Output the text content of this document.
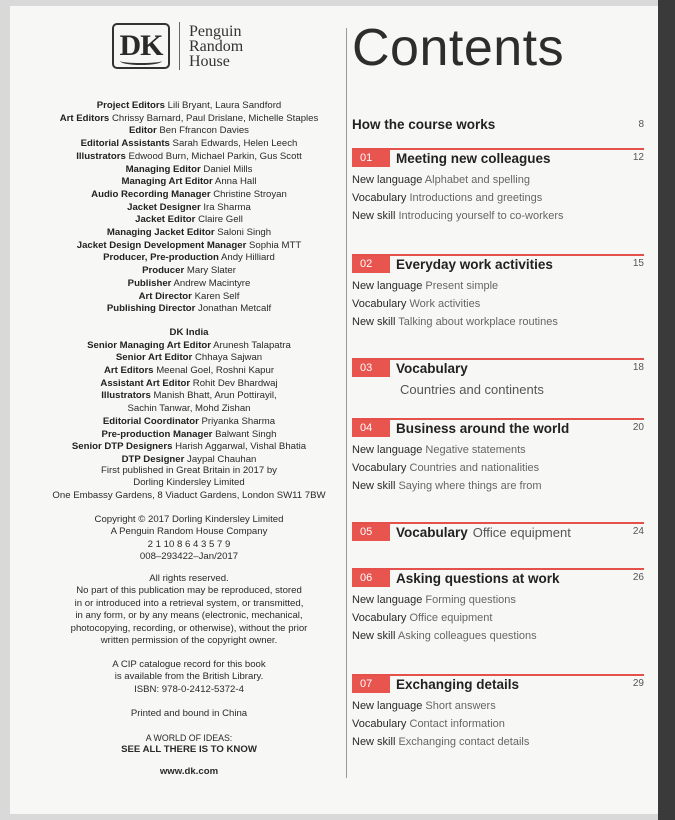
DK	Penguin
Random
House
Project Editors Lili Bryant, Laura Sandford
Art Editors Chrissy Barnard, Paul Drislane, Michelle Staples
Editor Ben Ffrancon Davies
Editorial Assistants Sarah Edwards, Helen Leech
Illustrators Edwood Burn, Michael Parkin, Gus Scott
Managing Editor Daniel Mills
Managing Art Editor Anna Hall
Audio Recording Manager Christine Stroyan
Jacket Designer Ira Sharma
Jacket Editor Claire Gell
Managing Jacket Editor Saloni Singh
Jacket Design Development Manager Sophia MTT
Producer, Pre-production Andy Hilliard
Producer Mary Slater
Publisher Andrew Macintyre
Art Director Karen Self
Publishing Director Jonathan Metcalf
DK India
Senior Managing Art Editor Arunesh Talapatra
Senior Art Editor Chhaya Sajwan
Art Editors Meenal Goel, Roshni Kapur
Assistant Art Editor Rohit Dev Bhardwaj
Illustrators Manish Bhatt, Arun Pottirayil,
Sachin Tanwar, Mohd Zishan
Editorial Coordinator Priyanka Sharma
Pre-production Manager Balwant Singh
Senior DTP Designers Harish Aggarwal, Vishal Bhatia
DTP Designer Jaypal Chauhan
First published in Great Britain in 2017 by
Dorling Kindersley Limited
One Embassy Gardens, 8 Viaduct Gardens, London SW11 7BW
Copyright © 2017 Dorling Kindersley Limited
A Penguin Random House Company
2 1 10 8 6 4 3 5 7 9
008–293422–Jan/2017
All rights reserved.
No part of this publication may be reproduced, stored
in or introduced into a retrieval system, or transmitted,
in any form, or by any means (electronic, mechanical,
photocopying, recording, or otherwise), without the prior
written permission of the copyright owner.
A CIP catalogue record for this book
is available from the British Library.
ISBN: 978-0-2412-5372-4
Printed and bound in China
A WORLD OF IDEAS:
SEE ALL THERE IS TO KNOW
www.dk.com
Contents
How the course works	8
01	Meeting new colleagues	12
New language Alphabet and spelling
Vocabulary Introductions and greetings
New skill Introducing yourself to co-workers
02	Everyday work activities	15
New language Present simple
Vocabulary Work activities
New skill Talking about workplace routines
03	Vocabulary	18
Countries and continents
04	Business around the world	20
New language Negative statements
Vocabulary Countries and nationalities
New skill Saying where things are from
05	Vocabulary Office equipment	24
06	Asking questions at work	26
New language Forming questions
Vocabulary Office equipment
New skill Asking colleagues questions
07	Exchanging details	29
New language Short answers
Vocabulary Contact information
New skill Exchanging contact details
